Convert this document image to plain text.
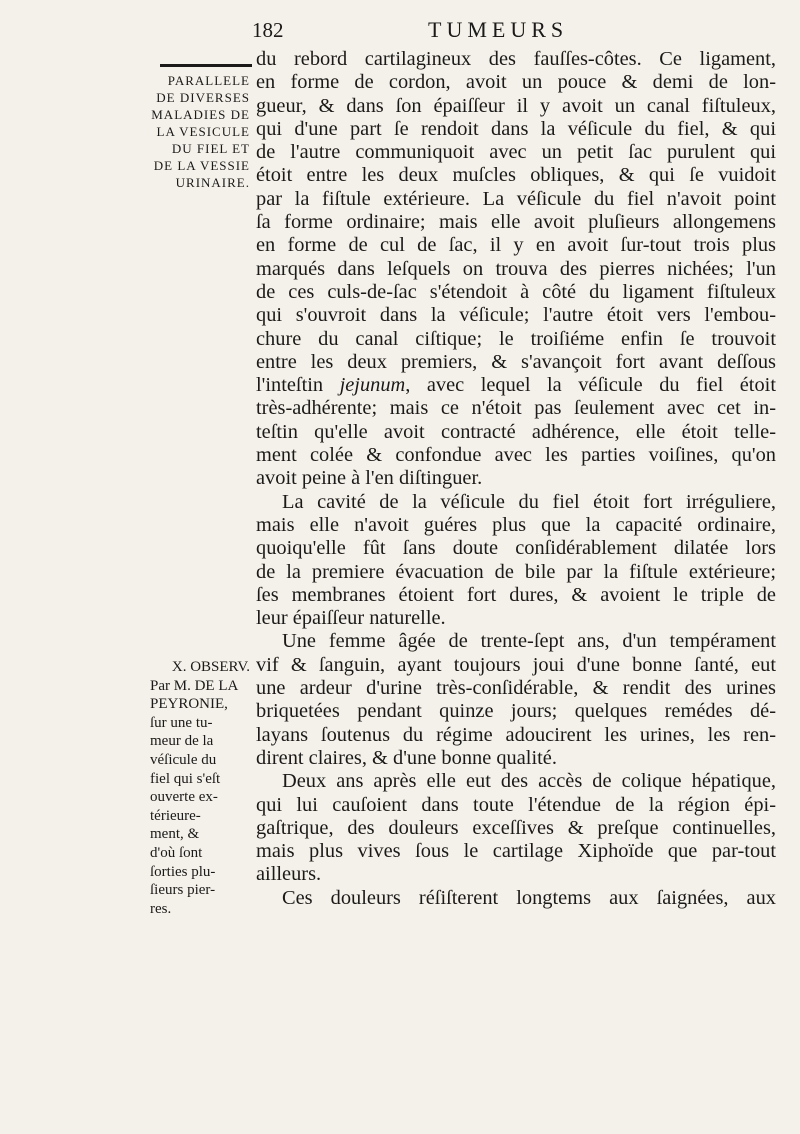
182	TUMEURS
PARALLELE
DE DIVERSES
MALADIES DE
LA VESICULE
DU FIEL ET
DE LA VESSIE
URINAIRE.
X. OBSERV.
Par M. DE LA
PEYRONIE,
ſur une tu-
meur de la
véſicule du
fiel qui s'eſt
ouverte ex-
térieure-
ment, &
d'où ſont
ſorties plu-
ſieurs pier-
res.
du rebord cartilagineux des fauſſes-côtes. Ce ligament,
en forme de cordon, avoit un pouce & demi de lon-
gueur, & dans ſon épaiſſeur il y avoit un canal fiſtuleux,
qui d'une part ſe rendoit dans la véſicule du fiel, & qui
de l'autre communiquoit avec un petit ſac purulent qui
étoit entre les deux muſcles obliques, & qui ſe vuidoit
par la fiſtule extérieure. La véſicule du fiel n'avoit point
ſa forme ordinaire; mais elle avoit pluſieurs allongemens
en forme de cul de ſac, il y en avoit ſur-tout trois plus
marqués dans leſquels on trouva des pierres nichées; l'un
de ces culs-de-ſac s'étendoit à côté du ligament fiſtuleux
qui s'ouvroit dans la véſicule; l'autre étoit vers l'embou-
chure du canal ciſtique; le troiſiéme enfin ſe trouvoit
entre les deux premiers, & s'avançoit fort avant deſſous
l'inteſtin jejunum, avec lequel la véſicule du fiel étoit
très-adhérente; mais ce n'étoit pas ſeulement avec cet in-
teſtin qu'elle avoit contracté adhérence, elle étoit telle-
ment colée & confondue avec les parties voiſines, qu'on
avoit peine à l'en diſtinguer.
La cavité de la véſicule du fiel étoit fort irréguliere,
mais elle n'avoit guéres plus que la capacité ordinaire,
quoiqu'elle fût ſans doute conſidérablement dilatée lors
de la premiere évacuation de bile par la fiſtule extérieure;
ſes membranes étoient fort dures, & avoient le triple de
leur épaiſſeur naturelle.
Une femme âgée de trente-ſept ans, d'un tempérament
vif & ſanguin, ayant toujours joui d'une bonne ſanté, eut
une ardeur d'urine très-conſidérable, & rendit des urines
briquetées pendant quinze jours; quelques remédes dé-
layans ſoutenus du régime adoucirent les urines, les ren-
dirent claires, & d'une bonne qualité.
Deux ans après elle eut des accès de colique hépatique,
qui lui cauſoient dans toute l'étendue de la région épi-
gaſtrique, des douleurs exceſſives & preſque continuelles,
mais plus vives ſous le cartilage Xiphoïde que par-tout
ailleurs.
Ces douleurs réſiſterent longtems aux ſaignées, aux
